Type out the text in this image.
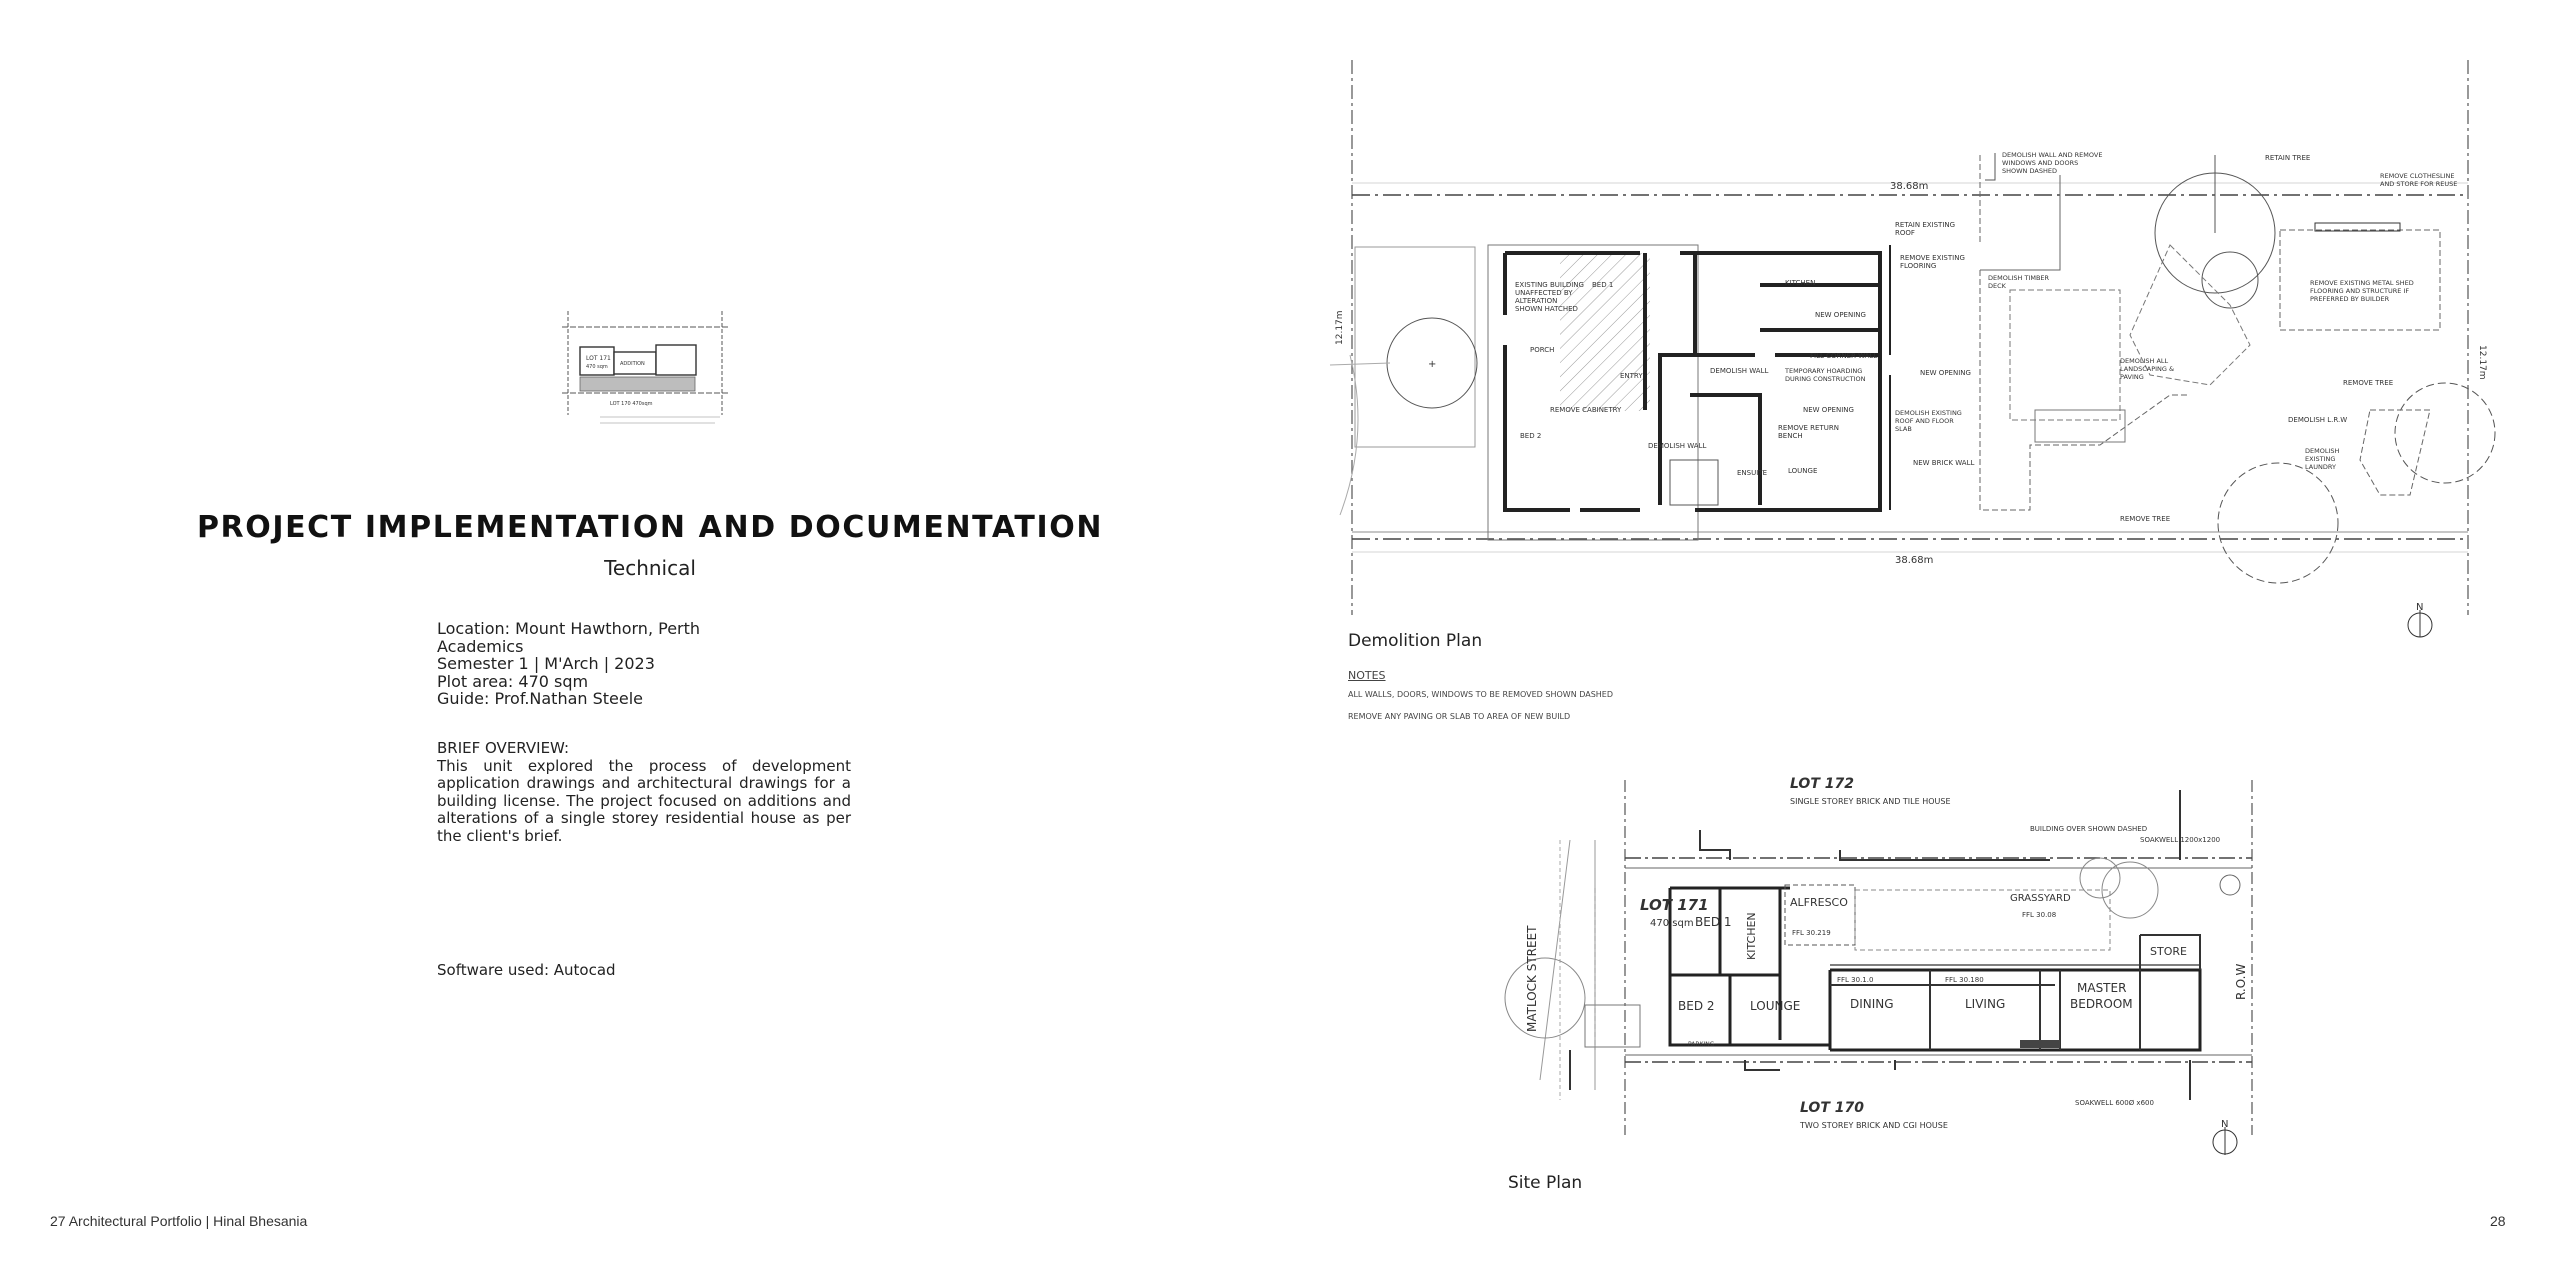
LOT 171
470 sqm ADDITION
LOT 170 470sqm
PROJECT IMPLEMENTATION AND DOCUMENTATION
Technical
Location: Mount Hawthorn, Perth
Academics
Semester 1 | M'Arch | 2023
Plot area: 470 sqm
Guide: Prof.Nathan Steele
BRIEF OVERVIEW:
This unit explored the process of development application drawings and architectural drawings for a building license. The project focused on additions and alterations of a single storey residential house as per the client's brief.
Software used: Autocad
27 Architectural Portfolio | Hinal Bhesania	28
38.68m
38.68m
12.17m
12.17m
+
EXISTING BUILDING UNAFFECTED BY ALTERATION SHOWN HATCHED
BED 1	KITCHEN
NEW OPENING
PORCH
FILL CORNER WALL
ENTRY
DEMOLISH WALL	TEMPORARY HOARDING DURING CONSTRUCTION
NEW OPENING
REMOVE CABINETRY	NEW OPENING
BED 2
REMOVE RETURN BENCH
DEMOLISH WALL
LOUNGE
ENSUITE
DEMOLISH EXISTING ROOF AND FLOOR SLAB
NEW BRICK WALL
RETAIN EXISTING ROOF
REMOVE EXISTING FLOORING
DEMOLISH TIMBER DECK
DEMOLISH WALL AND REMOVE WINDOWS AND DOORS SHOWN DASHED
RETAIN TREE
REMOVE CLOTHESLINE AND STORE FOR REUSE
REMOVE EXISTING METAL SHED FLOORING AND STRUCTURE IF PREFERRED BY BUILDER
DEMOLISH ALL LANDSCAPING & PAVING
REMOVE TREE
DEMOLISH L.R.W
DEMOLISH EXISTING LAUNDRY
REMOVE TREE
N
Demolition Plan
NOTES
ALL WALLS, DOORS, WINDOWS TO BE REMOVED SHOWN DASHED
REMOVE ANY PAVING OR SLAB TO AREA OF NEW BUILD
LOT 172
SINGLE STOREY BRICK AND TILE HOUSE
LOT 171
470 sqm
LOT 170
TWO STOREY BRICK AND CGI HOUSE
MATLOCK STREET	R.O.W
BUILDING OVER SHOWN DASHED
SOAKWELL 1200x1200
SOAKWELL 600Ø x600
BED 1 KITCHEN
ALFRESCO	GRASSYARD
FFL 30.08
FFL 30.219
STORE
BED 2	LOUNGE	DINING
FFL 30.1.0
LIVING
FFL 30.180
MASTER
BEDROOM
PARKING
N
Site Plan
